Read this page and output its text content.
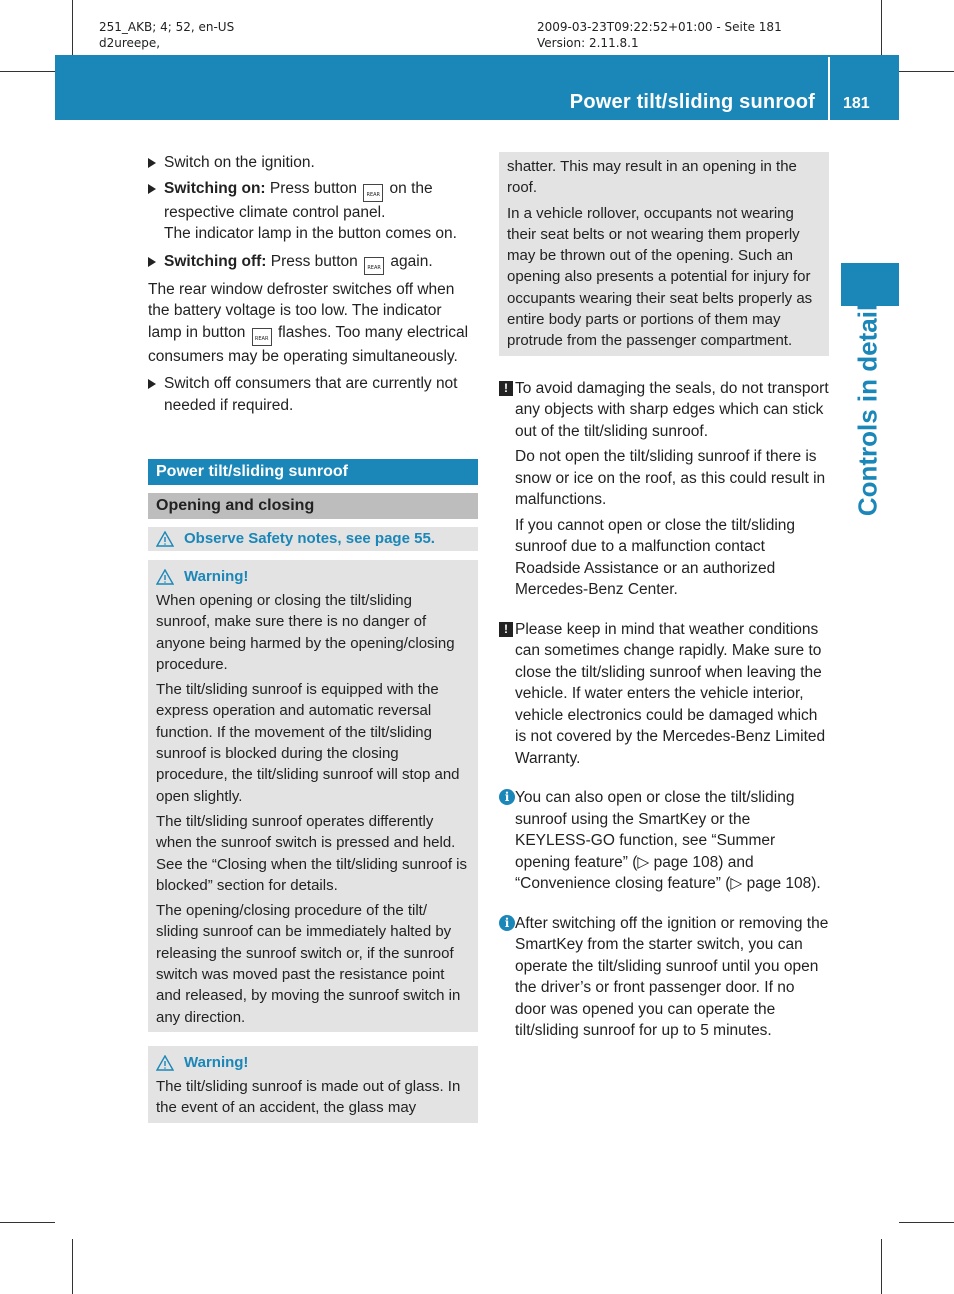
251_AKB; 4; 52, en-US
d2ureepe,
2009-03-23T09:22:52+01:00 - Seite 181
Version: 2.11.8.1
Power tilt/sliding sunroof 181
Controls in detail
Switch on the ignition.
Switching on: Press button REAR on the respective climate control panel.
The indicator lamp in the button comes on.
Switching off: Press button REAR again.
The rear window defroster switches off when the battery voltage is too low. The indicator lamp in button REAR flashes. Too many electrical consumers may be operating simultaneously.
Switch off consumers that are currently not needed if required.
Power tilt/sliding sunroof
Opening and closing
Observe Safety notes, see page 55.
Warning!

When opening or closing the tilt/sliding sunroof, make sure there is no danger of anyone being harmed by the opening/closing procedure.

The tilt/sliding sunroof is equipped with the express operation and automatic reversal function. If the movement of the tilt/sliding sunroof is blocked during the closing procedure, the tilt/sliding sunroof will stop and open slightly.

The tilt/sliding sunroof operates differently when the sunroof switch is pressed and held. See the “Closing when the tilt/sliding sunroof is blocked” section for details.

The opening/closing procedure of the tilt/ sliding sunroof can be immediately halted by releasing the sunroof switch or, if the sunroof switch was moved past the resistance point and released, by moving the sunroof switch in any direction.

Warning!

The tilt/sliding sunroof is made out of glass. In the event of an accident, the glass may

shatter. This may result in an opening in the roof.

In a vehicle rollover, occupants not wearing their seat belts or not wearing them properly may be thrown out of the opening. Such an opening also presents a potential for injury for occupants wearing their seat belts properly as entire body parts or portions of them may protrude from the passenger compartment.

! To avoid damaging the seals, do not transport any objects with sharp edges which can stick out of the tilt/sliding sunroof.

Do not open the tilt/sliding sunroof if there is snow or ice on the roof, as this could result in malfunctions.

If you cannot open or close the tilt/sliding sunroof due to a malfunction contact Roadside Assistance or an authorized Mercedes-Benz Center.

! Please keep in mind that weather conditions can sometimes change rapidly. Make sure to close the tilt/sliding sunroof when leaving the vehicle. If water enters the vehicle interior, vehicle electronics could be damaged which is not covered by the Mercedes-Benz Limited Warranty.

i You can also open or close the tilt/sliding sunroof using the SmartKey or the KEYLESS-GO function, see “Summer opening feature” (▷ page 108) and “Convenience closing feature” (▷ page 108).

i After switching off the ignition or removing the SmartKey from the starter switch, you can operate the tilt/sliding sunroof until you open the driver’s or front passenger door. If no door was opened you can operate the tilt/sliding sunroof for up to 5 minutes.
